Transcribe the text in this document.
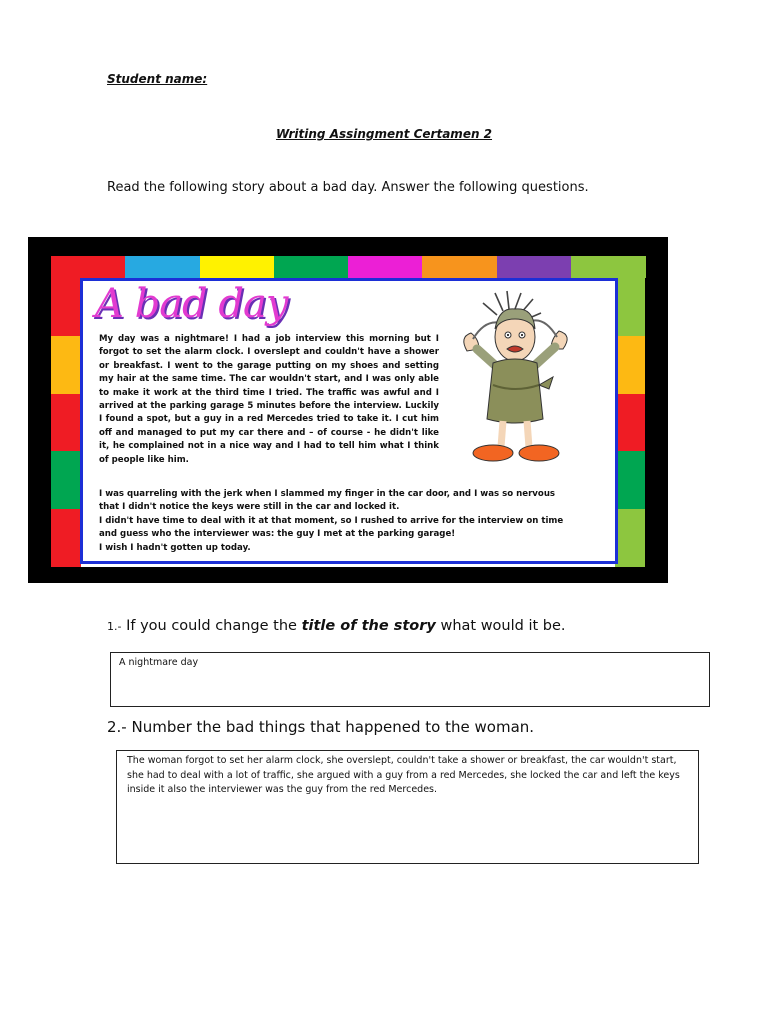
Student name:
Writing Assingment Certamen 2
Read the following story about a bad day. Answer the following questions.
A bad day

My day was a nightmare! I had a job interview this morning but I forgot to set the alarm clock. I overslept and couldn't have a shower or breakfast. I went to the garage putting on my shoes and setting my hair at the same time. The car wouldn't start, and I was only able to make it work at the third time I tried. The traffic was awful and I arrived at the parking garage 5 minutes before the interview. Luckily I found a spot, but a guy in a red Mercedes tried to take it. I cut him off and managed to put my car there and – of course - he didn't like it, he complained not in a nice way and I had to tell him what I think of people like him.

I was quarreling with the jerk when I slammed my finger in the car door, and I was so nervous
that I didn't notice the keys were still in the car and locked it.
I didn't have time to deal with it at that moment, so I rushed to arrive for the interview on time
and guess who the interviewer was: the guy I met at the parking garage!
I wish I hadn't gotten up today.
1.- If you could change the title of the story what would it be.
A nightmare day
2.- Number the bad things that happened to the woman.
The woman forgot to set her alarm clock, she overslept, couldn't take a shower or breakfast, the car wouldn't start, she had to deal with a lot of traffic, she argued with a guy from a red Mercedes, she locked the car and left the keys inside it also the interviewer was the guy from the red Mercedes.
